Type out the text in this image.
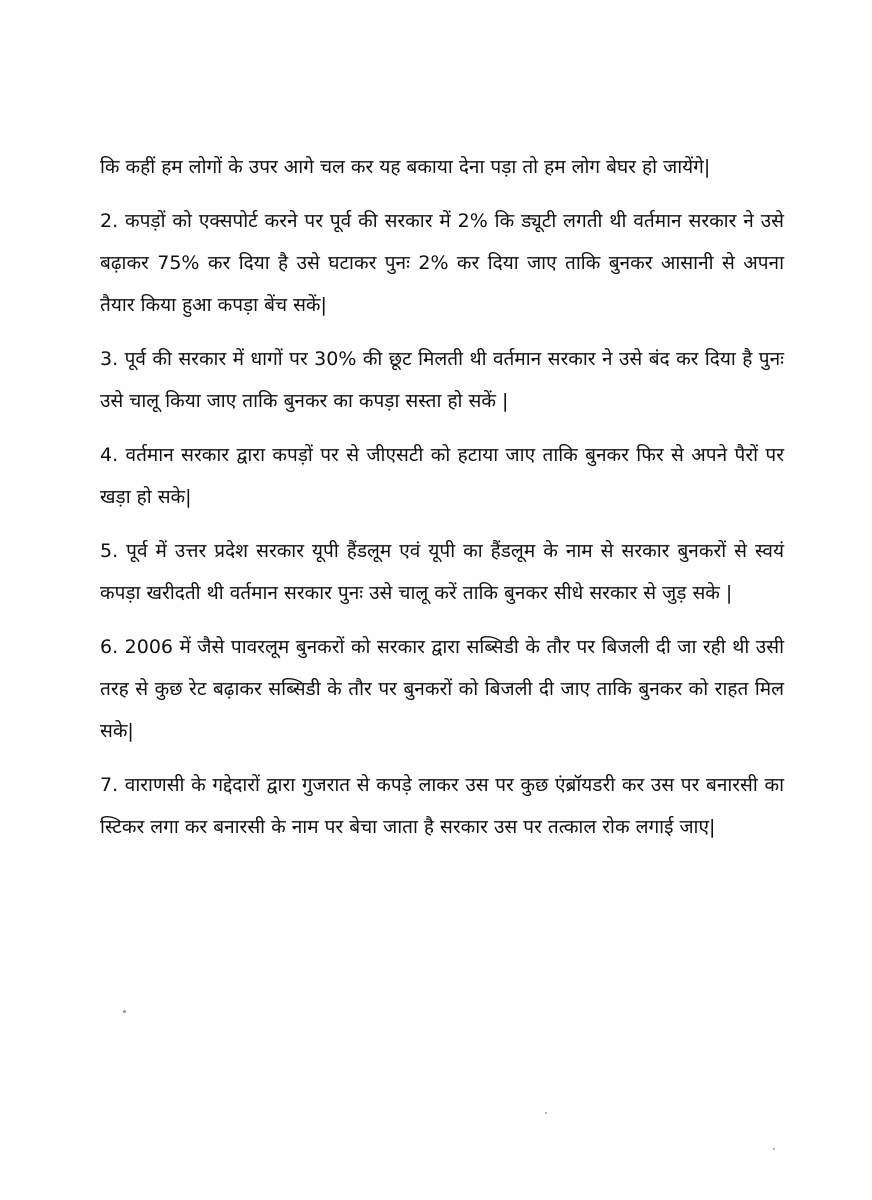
कि कहीं हम लोगों के उपर आगे चल कर यह बकाया देना पड़ा तो हम लोग बेघर हो जायेंगे|

2. कपड़ों को एक्सपोर्ट करने पर पूर्व की सरकार में 2% कि ड्यूटी लगती थी वर्तमान सरकार ने उसे बढ़ाकर 75% कर दिया है उसे घटाकर पुनः 2% कर दिया जाए ताकि बुनकर आसानी से अपना तैयार किया हुआ कपड़ा बेंच सकें|

3. पूर्व की सरकार में धागों पर 30% की छूट मिलती थी वर्तमान सरकार ने उसे बंद कर दिया है पुनः उसे चालू किया जाए ताकि बुनकर का कपड़ा सस्ता हो सकें |

4. वर्तमान सरकार द्वारा कपड़ों पर से जीएसटी को हटाया जाए ताकि बुनकर फिर से अपने पैरों पर खड़ा हो सके|

5. पूर्व में उत्तर प्रदेश सरकार यूपी हैंडलूम एवं यूपी का हैंडलूम के नाम से सरकार बुनकरों से स्वयं कपड़ा खरीदती थी वर्तमान सरकार पुनः उसे चालू करें ताकि बुनकर सीधे सरकार से जुड़ सके |

6. 2006 में जैसे पावरलूम बुनकरों को सरकार द्वारा सब्सिडी के तौर पर बिजली दी जा रही थी उसी तरह से कुछ रेट बढ़ाकर सब्सिडी के तौर पर बुनकरों को बिजली दी जाए ताकि बुनकर को राहत मिल सके|

7. वाराणसी के गद्देदारों द्वारा गुजरात से कपड़े लाकर उस पर कुछ एंब्रॉयडरी कर उस पर बनारसी का स्टिकर लगा कर बनारसी के नाम पर बेचा जाता है सरकार उस पर तत्काल रोक लगाई जाए|
